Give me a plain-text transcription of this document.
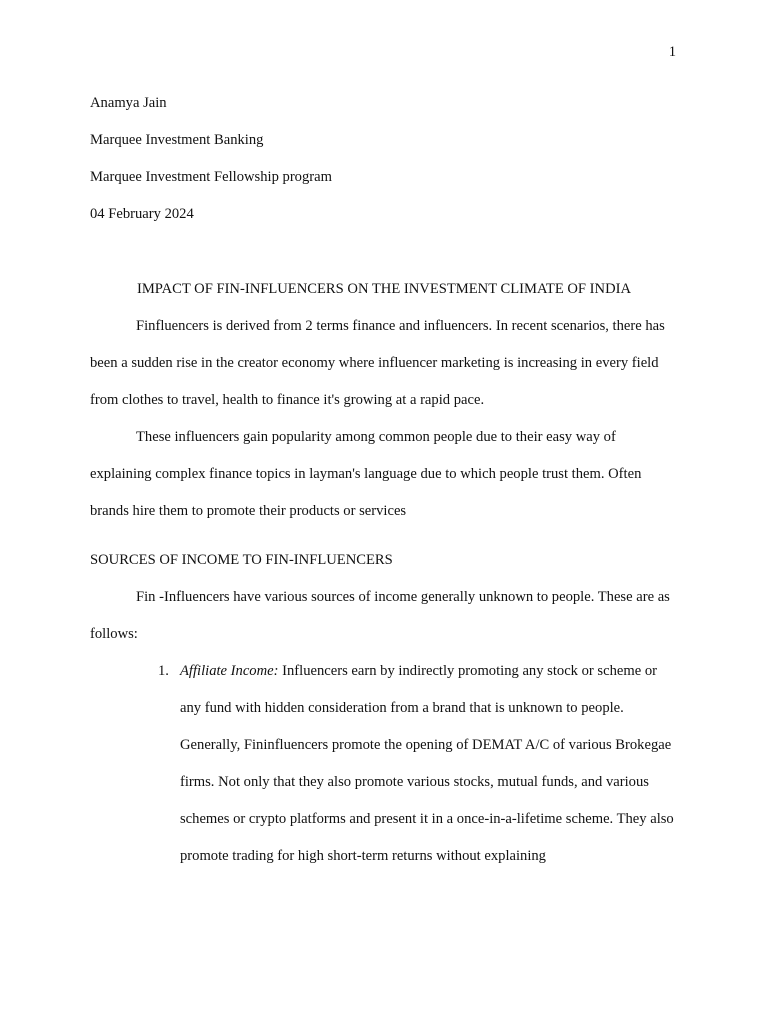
1
Anamya Jain
Marquee Investment Banking
Marquee Investment Fellowship program
04 February 2024
IMPACT OF FIN-INFLUENCERS ON THE INVESTMENT CLIMATE OF INDIA

Finfluencers is derived from 2 terms finance and influencers. In recent scenarios, there has been a sudden rise in the creator economy where influencer marketing is increasing in every field from clothes to travel, health to finance it's growing at a rapid pace.

These influencers gain popularity among common people due to their easy way of explaining complex finance topics in layman's language due to which people trust them. Often brands hire them to promote their products or services

SOURCES OF INCOME TO FIN-INFLUENCERS

Fin -Influencers have various sources of income generally unknown to people. These are as follows:

1. Affiliate Income: Influencers earn by indirectly promoting any stock or scheme or any fund with hidden consideration from a brand that is unknown to people. Generally, Fininfluencers promote the opening of DEMAT A/C of various Brokegae firms. Not only that they also promote various stocks, mutual funds, and various schemes or crypto platforms and present it in a once-in-a-lifetime scheme. They also promote trading for high short-term returns without explaining
